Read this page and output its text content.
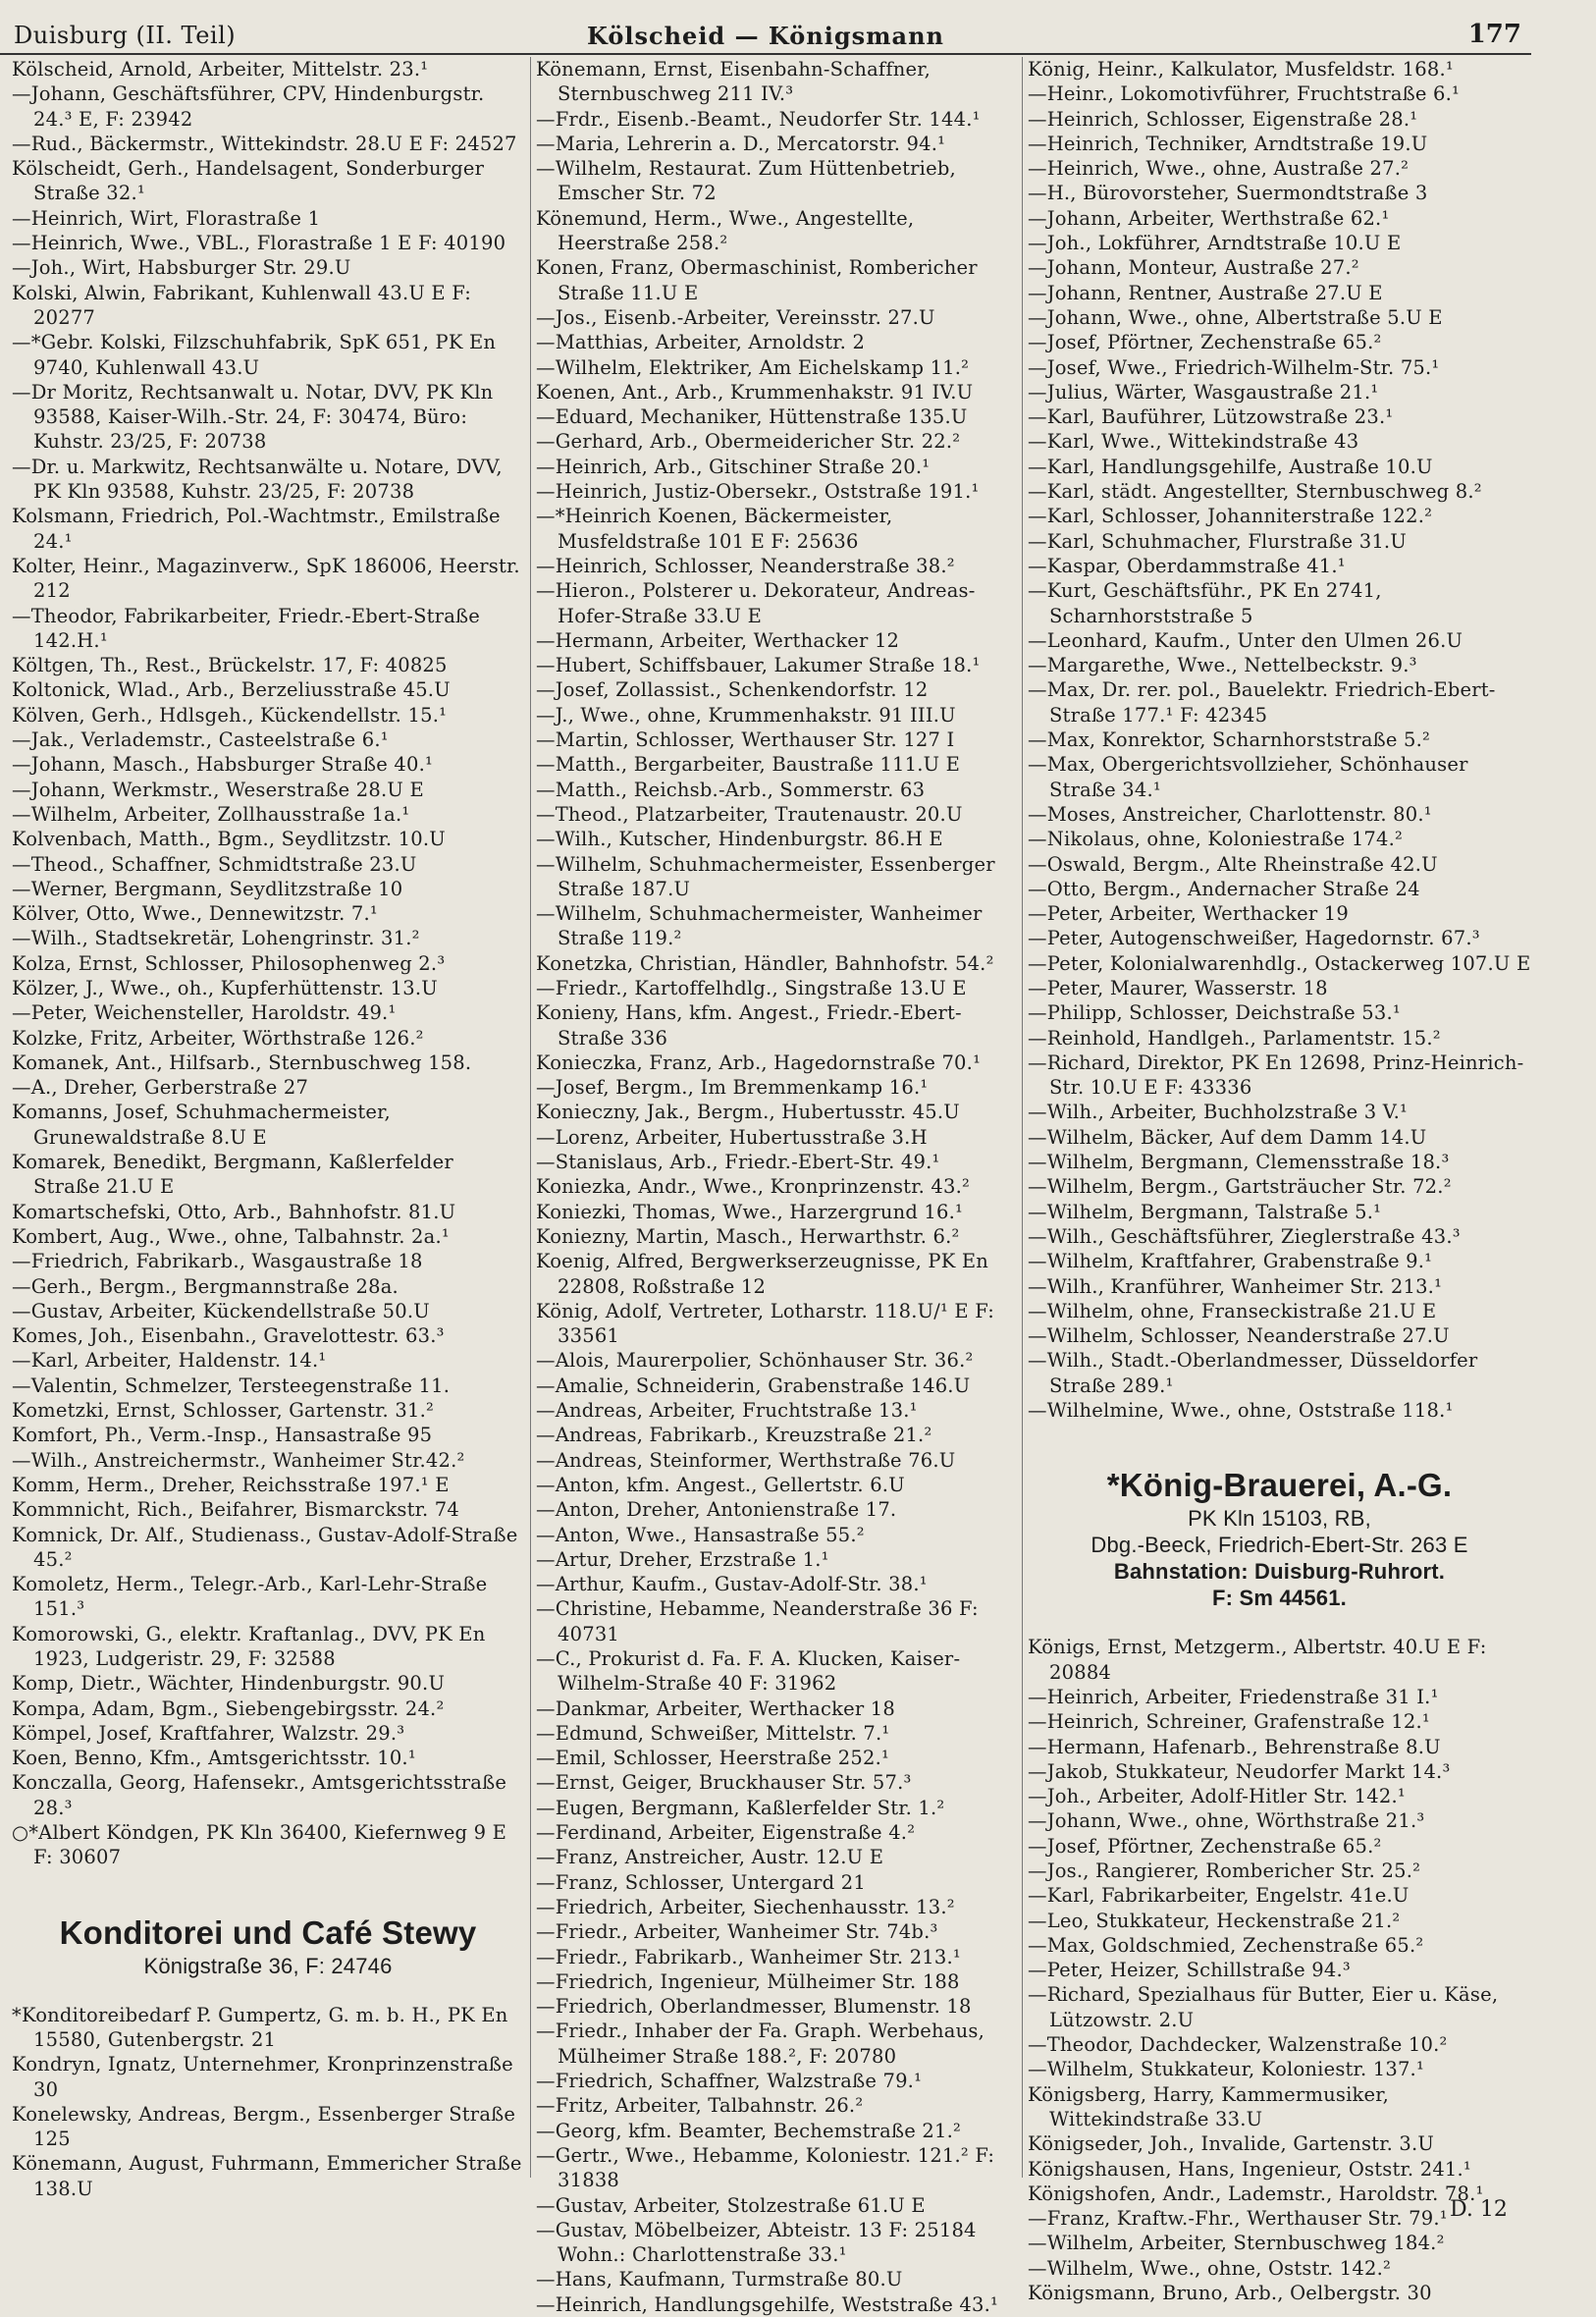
Duisburg (II. Teil)	Kölscheid — Königsmann	177

Kölscheid, Arnold, Arbeiter, Mittelstr. 23.¹

—Johann, Geschäftsführer, CPV, Hindenburgstr. 24.³ E, F: 23942

—Rud., Bäckermstr., Wittekindstr. 28.U E F: 24527

Kölscheidt, Gerh., Handelsagent, Sonderburger Straße 32.¹

—Heinrich, Wirt, Florastraße 1

—Heinrich, Wwe., VBL., Florastraße 1 E F: 40190

—Joh., Wirt, Habsburger Str. 29.U

Kolski, Alwin, Fabrikant, Kuhlenwall 43.U E F: 20277

—*Gebr. Kolski, Filzschuhfabrik, SpK 651, PK En 9740, Kuhlenwall 43.U

—Dr Moritz, Rechtsanwalt u. Notar, DVV, PK Kln 93588, Kaiser-Wilh.-Str. 24, F: 30474, Büro: Kuhstr. 23/25, F: 20738

—Dr. u. Markwitz, Rechtsanwälte u. Notare, DVV, PK Kln 93588, Kuhstr. 23/25, F: 20738

Kolsmann, Friedrich, Pol.-Wachtmstr., Emilstraße 24.¹

Kolter, Heinr., Magazinverw., SpK 186006, Heerstr. 212

—Theodor, Fabrikarbeiter, Friedr.-Ebert-Straße 142.H.¹

Költgen, Th., Rest., Brückelstr. 17, F: 40825

Koltonick, Wlad., Arb., Berzeliusstraße 45.U

Kölven, Gerh., Hdlsgeh., Kückendellstr. 15.¹

—Jak., Verlademstr., Casteelstraße 6.¹

—Johann, Masch., Habsburger Straße 40.¹

—Johann, Werkmstr., Weserstraße 28.U E

—Wilhelm, Arbeiter, Zollhausstraße 1a.¹

Kolvenbach, Matth., Bgm., Seydlitzstr. 10.U

—Theod., Schaffner, Schmidtstraße 23.U

—Werner, Bergmann, Seydlitzstraße 10

Kölver, Otto, Wwe., Dennewitzstr. 7.¹

—Wilh., Stadtsekretär, Lohengrinstr. 31.²

Kolza, Ernst, Schlosser, Philosophenweg 2.³

Kölzer, J., Wwe., oh., Kupferhüttenstr. 13.U

—Peter, Weichensteller, Haroldstr. 49.¹

Kolzke, Fritz, Arbeiter, Wörthstraße 126.²

Komanek, Ant., Hilfsarb., Sternbuschweg 158.

—A., Dreher, Gerberstraße 27

Komanns, Josef, Schuhmachermeister, Grunewaldstraße 8.U E

Komarek, Benedikt, Bergmann, Kaßlerfelder Straße 21.U E

Komartschefski, Otto, Arb., Bahnhofstr. 81.U

Kombert, Aug., Wwe., ohne, Talbahnstr. 2a.¹

—Friedrich, Fabrikarb., Wasgaustraße 18

—Gerh., Bergm., Bergmannstraße 28a.

—Gustav, Arbeiter, Kückendellstraße 50.U

Komes, Joh., Eisenbahn., Gravelottestr. 63.³

—Karl, Arbeiter, Haldenstr. 14.¹

—Valentin, Schmelzer, Tersteegenstraße 11.

Kometzki, Ernst, Schlosser, Gartenstr. 31.²

Komfort, Ph., Verm.-Insp., Hansastraße 95

—Wilh., Anstreichermstr., Wanheimer Str.42.²

Komm, Herm., Dreher, Reichsstraße 197.¹ E

Kommnicht, Rich., Beifahrer, Bismarckstr. 74

Komnick, Dr. Alf., Studienass., Gustav-Adolf-Straße 45.²

Komoletz, Herm., Telegr.-Arb., Karl-Lehr-Straße 151.³

Komorowski, G., elektr. Kraftanlag., DVV, PK En 1923, Ludgeristr. 29, F: 32588

Komp, Dietr., Wächter, Hindenburgstr. 90.U

Kompa, Adam, Bgm., Siebengebirgsstr. 24.²

Kömpel, Josef, Kraftfahrer, Walzstr. 29.³

Koen, Benno, Kfm., Amtsgerichtsstr. 10.¹

Konczalla, Georg, Hafensekr., Amtsgerichtsstraße 28.³

○*Albert Köndgen, PK Kln 36400, Kiefernweg 9 E F: 30607

Konditorei und Café Stewy

Königstraße 36, F: 24746

*Konditoreibedarf P. Gumpertz, G. m. b. H., PK En 15580, Gutenbergstr. 21

Kondryn, Ignatz, Unternehmer, Kronprinzenstraße 30

Konelewsky, Andreas, Bergm., Essenberger Straße 125

Könemann, August, Fuhrmann, Emmericher Straße 138.U

Könemann, Ernst, Eisenbahn-Schaffner, Sternbuschweg 211 IV.³

—Frdr., Eisenb.-Beamt., Neudorfer Str. 144.¹

—Maria, Lehrerin a. D., Mercatorstr. 94.¹

—Wilhelm, Restaurat. Zum Hüttenbetrieb, Emscher Str. 72

Könemund, Herm., Wwe., Angestellte, Heerstraße 258.²

Konen, Franz, Obermaschinist, Rombericher Straße 11.U E

—Jos., Eisenb.-Arbeiter, Vereinsstr. 27.U

—Matthias, Arbeiter, Arnoldstr. 2

—Wilhelm, Elektriker, Am Eichelskamp 11.²

Koenen, Ant., Arb., Krummenhakstr. 91 IV.U

—Eduard, Mechaniker, Hüttenstraße 135.U

—Gerhard, Arb., Obermeidericher Str. 22.²

—Heinrich, Arb., Gitschiner Straße 20.¹

—Heinrich, Justiz-Obersekr., Oststraße 191.¹

—*Heinrich Koenen, Bäckermeister, Musfeldstraße 101 E F: 25636

—Heinrich, Schlosser, Neanderstraße 38.²

—Hieron., Polsterer u. Dekorateur, Andreas-Hofer-Straße 33.U E

—Hermann, Arbeiter, Werthacker 12

—Hubert, Schiffsbauer, Lakumer Straße 18.¹

—Josef, Zollassist., Schenkendorfstr. 12

—J., Wwe., ohne, Krummenhakstr. 91 III.U

—Martin, Schlosser, Werthauser Str. 127 I

—Matth., Bergarbeiter, Baustraße 111.U E

—Matth., Reichsb.-Arb., Sommerstr. 63

—Theod., Platzarbeiter, Trautenaustr. 20.U

—Wilh., Kutscher, Hindenburgstr. 86.H E

—Wilhelm, Schuhmachermeister, Essenberger Straße 187.U

—Wilhelm, Schuhmachermeister, Wanheimer Straße 119.²

Konetzka, Christian, Händler, Bahnhofstr. 54.²

—Friedr., Kartoffelhdlg., Singstraße 13.U E

Konieny, Hans, kfm. Angest., Friedr.-Ebert-Straße 336

Konieczka, Franz, Arb., Hagedornstraße 70.¹

—Josef, Bergm., Im Bremmenkamp 16.¹

Konieczny, Jak., Bergm., Hubertusstr. 45.U

—Lorenz, Arbeiter, Hubertusstraße 3.H

—Stanislaus, Arb., Friedr.-Ebert-Str. 49.¹

Koniezka, Andr., Wwe., Kronprinzenstr. 43.²

Koniezki, Thomas, Wwe., Harzergrund 16.¹

Koniezny, Martin, Masch., Herwarthstr. 6.²

Koenig, Alfred, Bergwerkserzeugnisse, PK En 22808, Roßstraße 12

König, Adolf, Vertreter, Lotharstr. 118.U/¹ E F: 33561

—Alois, Maurerpolier, Schönhauser Str. 36.²

—Amalie, Schneiderin, Grabenstraße 146.U

—Andreas, Arbeiter, Fruchtstraße 13.¹

—Andreas, Fabrikarb., Kreuzstraße 21.²

—Andreas, Steinformer, Werthstraße 76.U

—Anton, kfm. Angest., Gellertstr. 6.U

—Anton, Dreher, Antonienstraße 17.

—Anton, Wwe., Hansastraße 55.²

—Artur, Dreher, Erzstraße 1.¹

—Arthur, Kaufm., Gustav-Adolf-Str. 38.¹

—Christine, Hebamme, Neanderstraße 36 F: 40731

—C., Prokurist d. Fa. F. A. Klucken, Kaiser-Wilhelm-Straße 40 F: 31962

—Dankmar, Arbeiter, Werthacker 18

—Edmund, Schweißer, Mittelstr. 7.¹

—Emil, Schlosser, Heerstraße 252.¹

—Ernst, Geiger, Bruckhauser Str. 57.³

—Eugen, Bergmann, Kaßlerfelder Str. 1.²

—Ferdinand, Arbeiter, Eigenstraße 4.²

—Franz, Anstreicher, Austr. 12.U E

—Franz, Schlosser, Untergard 21

—Friedrich, Arbeiter, Siechenhausstr. 13.²

—Friedr., Arbeiter, Wanheimer Str. 74b.³

—Friedr., Fabrikarb., Wanheimer Str. 213.¹

—Friedrich, Ingenieur, Mülheimer Str. 188

—Friedrich, Oberlandmesser, Blumenstr. 18

—Friedr., Inhaber der Fa. Graph. Werbehaus, Mülheimer Straße 188.², F: 20780

—Friedrich, Schaffner, Walzstraße 79.¹

—Fritz, Arbeiter, Talbahnstr. 26.²

—Georg, kfm. Beamter, Bechemstraße 21.²

—Gertr., Wwe., Hebamme, Koloniestr. 121.² F: 31838

—Gustav, Arbeiter, Stolzestraße 61.U E

—Gustav, Möbelbeizer, Abteistr. 13 F: 25184 Wohn.: Charlottenstraße 33.¹

—Hans, Kaufmann, Turmstraße 80.U

—Heinrich, Handlungsgehilfe, Weststraße 43.¹

König, Heinr., Kalkulator, Musfeldstr. 168.¹

—Heinr., Lokomotivführer, Fruchtstraße 6.¹

—Heinrich, Schlosser, Eigenstraße 28.¹

—Heinrich, Techniker, Arndtstraße 19.U

—Heinrich, Wwe., ohne, Austraße 27.²

—H., Bürovorsteher, Suermondtstraße 3

—Johann, Arbeiter, Werthstraße 62.¹

—Joh., Lokführer, Arndtstraße 10.U E

—Johann, Monteur, Austraße 27.²

—Johann, Rentner, Austraße 27.U E

—Johann, Wwe., ohne, Albertstraße 5.U E

—Josef, Pförtner, Zechenstraße 65.²

—Josef, Wwe., Friedrich-Wilhelm-Str. 75.¹

—Julius, Wärter, Wasgaustraße 21.¹

—Karl, Bauführer, Lützowstraße 23.¹

—Karl, Wwe., Wittekindstraße 43

—Karl, Handlungsgehilfe, Austraße 10.U

—Karl, städt. Angestellter, Sternbuschweg 8.²

—Karl, Schlosser, Johanniterstraße 122.²

—Karl, Schuhmacher, Flurstraße 31.U

—Kaspar, Oberdammstraße 41.¹

—Kurt, Geschäftsführ., PK En 2741, Scharnhorststraße 5

—Leonhard, Kaufm., Unter den Ulmen 26.U

—Margarethe, Wwe., Nettelbeckstr. 9.³

—Max, Dr. rer. pol., Bauelektr. Friedrich-Ebert-Straße 177.¹ F: 42345

—Max, Konrektor, Scharnhorststraße 5.²

—Max, Obergerichtsvollzieher, Schönhauser Straße 34.¹

—Moses, Anstreicher, Charlottenstr. 80.¹

—Nikolaus, ohne, Koloniestraße 174.²

—Oswald, Bergm., Alte Rheinstraße 42.U

—Otto, Bergm., Andernacher Straße 24

—Peter, Arbeiter, Werthacker 19

—Peter, Autogenschweißer, Hagedornstr. 67.³

—Peter, Kolonialwarenhdlg., Ostackerweg 107.U E

—Peter, Maurer, Wasserstr. 18

—Philipp, Schlosser, Deichstraße 53.¹

—Reinhold, Handlgeh., Parlamentstr. 15.²

—Richard, Direktor, PK En 12698, Prinz-Heinrich-Str. 10.U E F: 43336

—Wilh., Arbeiter, Buchholzstraße 3 V.¹

—Wilhelm, Bäcker, Auf dem Damm 14.U

—Wilhelm, Bergmann, Clemensstraße 18.³

—Wilhelm, Bergm., Gartsträucher Str. 72.²

—Wilhelm, Bergmann, Talstraße 5.¹

—Wilh., Geschäftsführer, Zieglerstraße 43.³

—Wilhelm, Kraftfahrer, Grabenstraße 9.¹

—Wilh., Kranführer, Wanheimer Str. 213.¹

—Wilhelm, ohne, Franseckistraße 21.U E

—Wilhelm, Schlosser, Neanderstraße 27.U

—Wilh., Stadt.-Oberlandmesser, Düsseldorfer Straße 289.¹

—Wilhelmine, Wwe., ohne, Oststraße 118.¹

*König-Brauerei, A.-G.

PK Kln 15103, RB,

Dbg.-Beeck, Friedrich-Ebert-Str. 263 E

Bahnstation: Duisburg-Ruhrort.

F: Sm 44561.

Königs, Ernst, Metzgerm., Albertstr. 40.U E F: 20884

—Heinrich, Arbeiter, Friedenstraße 31 I.¹

—Heinrich, Schreiner, Grafenstraße 12.¹

—Hermann, Hafenarb., Behrenstraße 8.U

—Jakob, Stukkateur, Neudorfer Markt 14.³

—Joh., Arbeiter, Adolf-Hitler Str. 142.¹

—Johann, Wwe., ohne, Wörthstraße 21.³

—Josef, Pförtner, Zechenstraße 65.²

—Jos., Rangierer, Rombericher Str. 25.²

—Karl, Fabrikarbeiter, Engelstr. 41e.U

—Leo, Stukkateur, Heckenstraße 21.²

—Max, Goldschmied, Zechenstraße 65.²

—Peter, Heizer, Schillstraße 94.³

—Richard, Spezialhaus für Butter, Eier u. Käse, Lützowstr. 2.U

—Theodor, Dachdecker, Walzenstraße 10.²

—Wilhelm, Stukkateur, Koloniestr. 137.¹

Königsberg, Harry, Kammermusiker, Wittekindstraße 33.U

Königseder, Joh., Invalide, Gartenstr. 3.U

Königshausen, Hans, Ingenieur, Oststr. 241.¹

Königshofen, Andr., Lademstr., Haroldstr. 78.¹

—Franz, Kraftw.-Fhr., Werthauser Str. 79.¹

—Wilhelm, Arbeiter, Sternbuschweg 184.²

—Wilhelm, Wwe., ohne, Oststr. 142.²

Königsmann, Bruno, Arb., Oelbergstr. 30

D. 12
